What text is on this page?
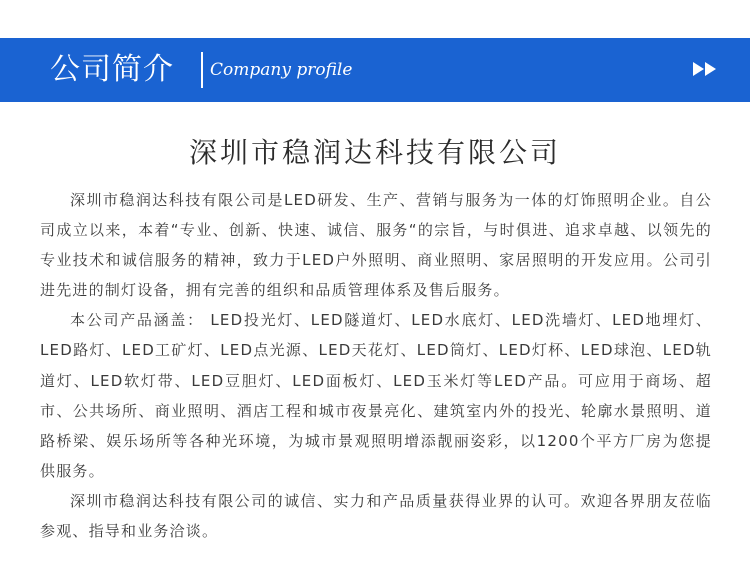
公司简介 Company profile
深圳市稳润达科技有限公司

深圳市稳润达科技有限公司是LED研发、生产、营销与服务为一体的灯饰照明企业。自公司成立以来，本着“专业、创新、快速、诚信、服务“的宗旨，与时俱进、追求卓越、以领先的专业技术和诚信服务的精神，致力于LED户外照明、商业照明、家居照明的开发应用。公司引进先进的制灯设备，拥有完善的组织和品质管理体系及售后服务。

本公司产品涵盖： LED投光灯、LED隧道灯、LED水底灯、LED洗墙灯、LED地埋灯、LED路灯、LED工矿灯、LED点光源、LED天花灯、LED筒灯、LED灯杯、LED球泡、LED轨道灯、LED软灯带、LED豆胆灯、LED面板灯、LED玉米灯等LED产品。可应用于商场、超市、公共场所、商业照明、酒店工程和城市夜景亮化、建筑室内外的投光、轮廓水景照明、道路桥梁、娱乐场所等各种光环境，为城市景观照明增添靓丽姿彩，以1200个平方厂房为您提供服务。

深圳市稳润达科技有限公司的诚信、实力和产品质量获得业界的认可。欢迎各界朋友莅临参观、指导和业务洽谈。
